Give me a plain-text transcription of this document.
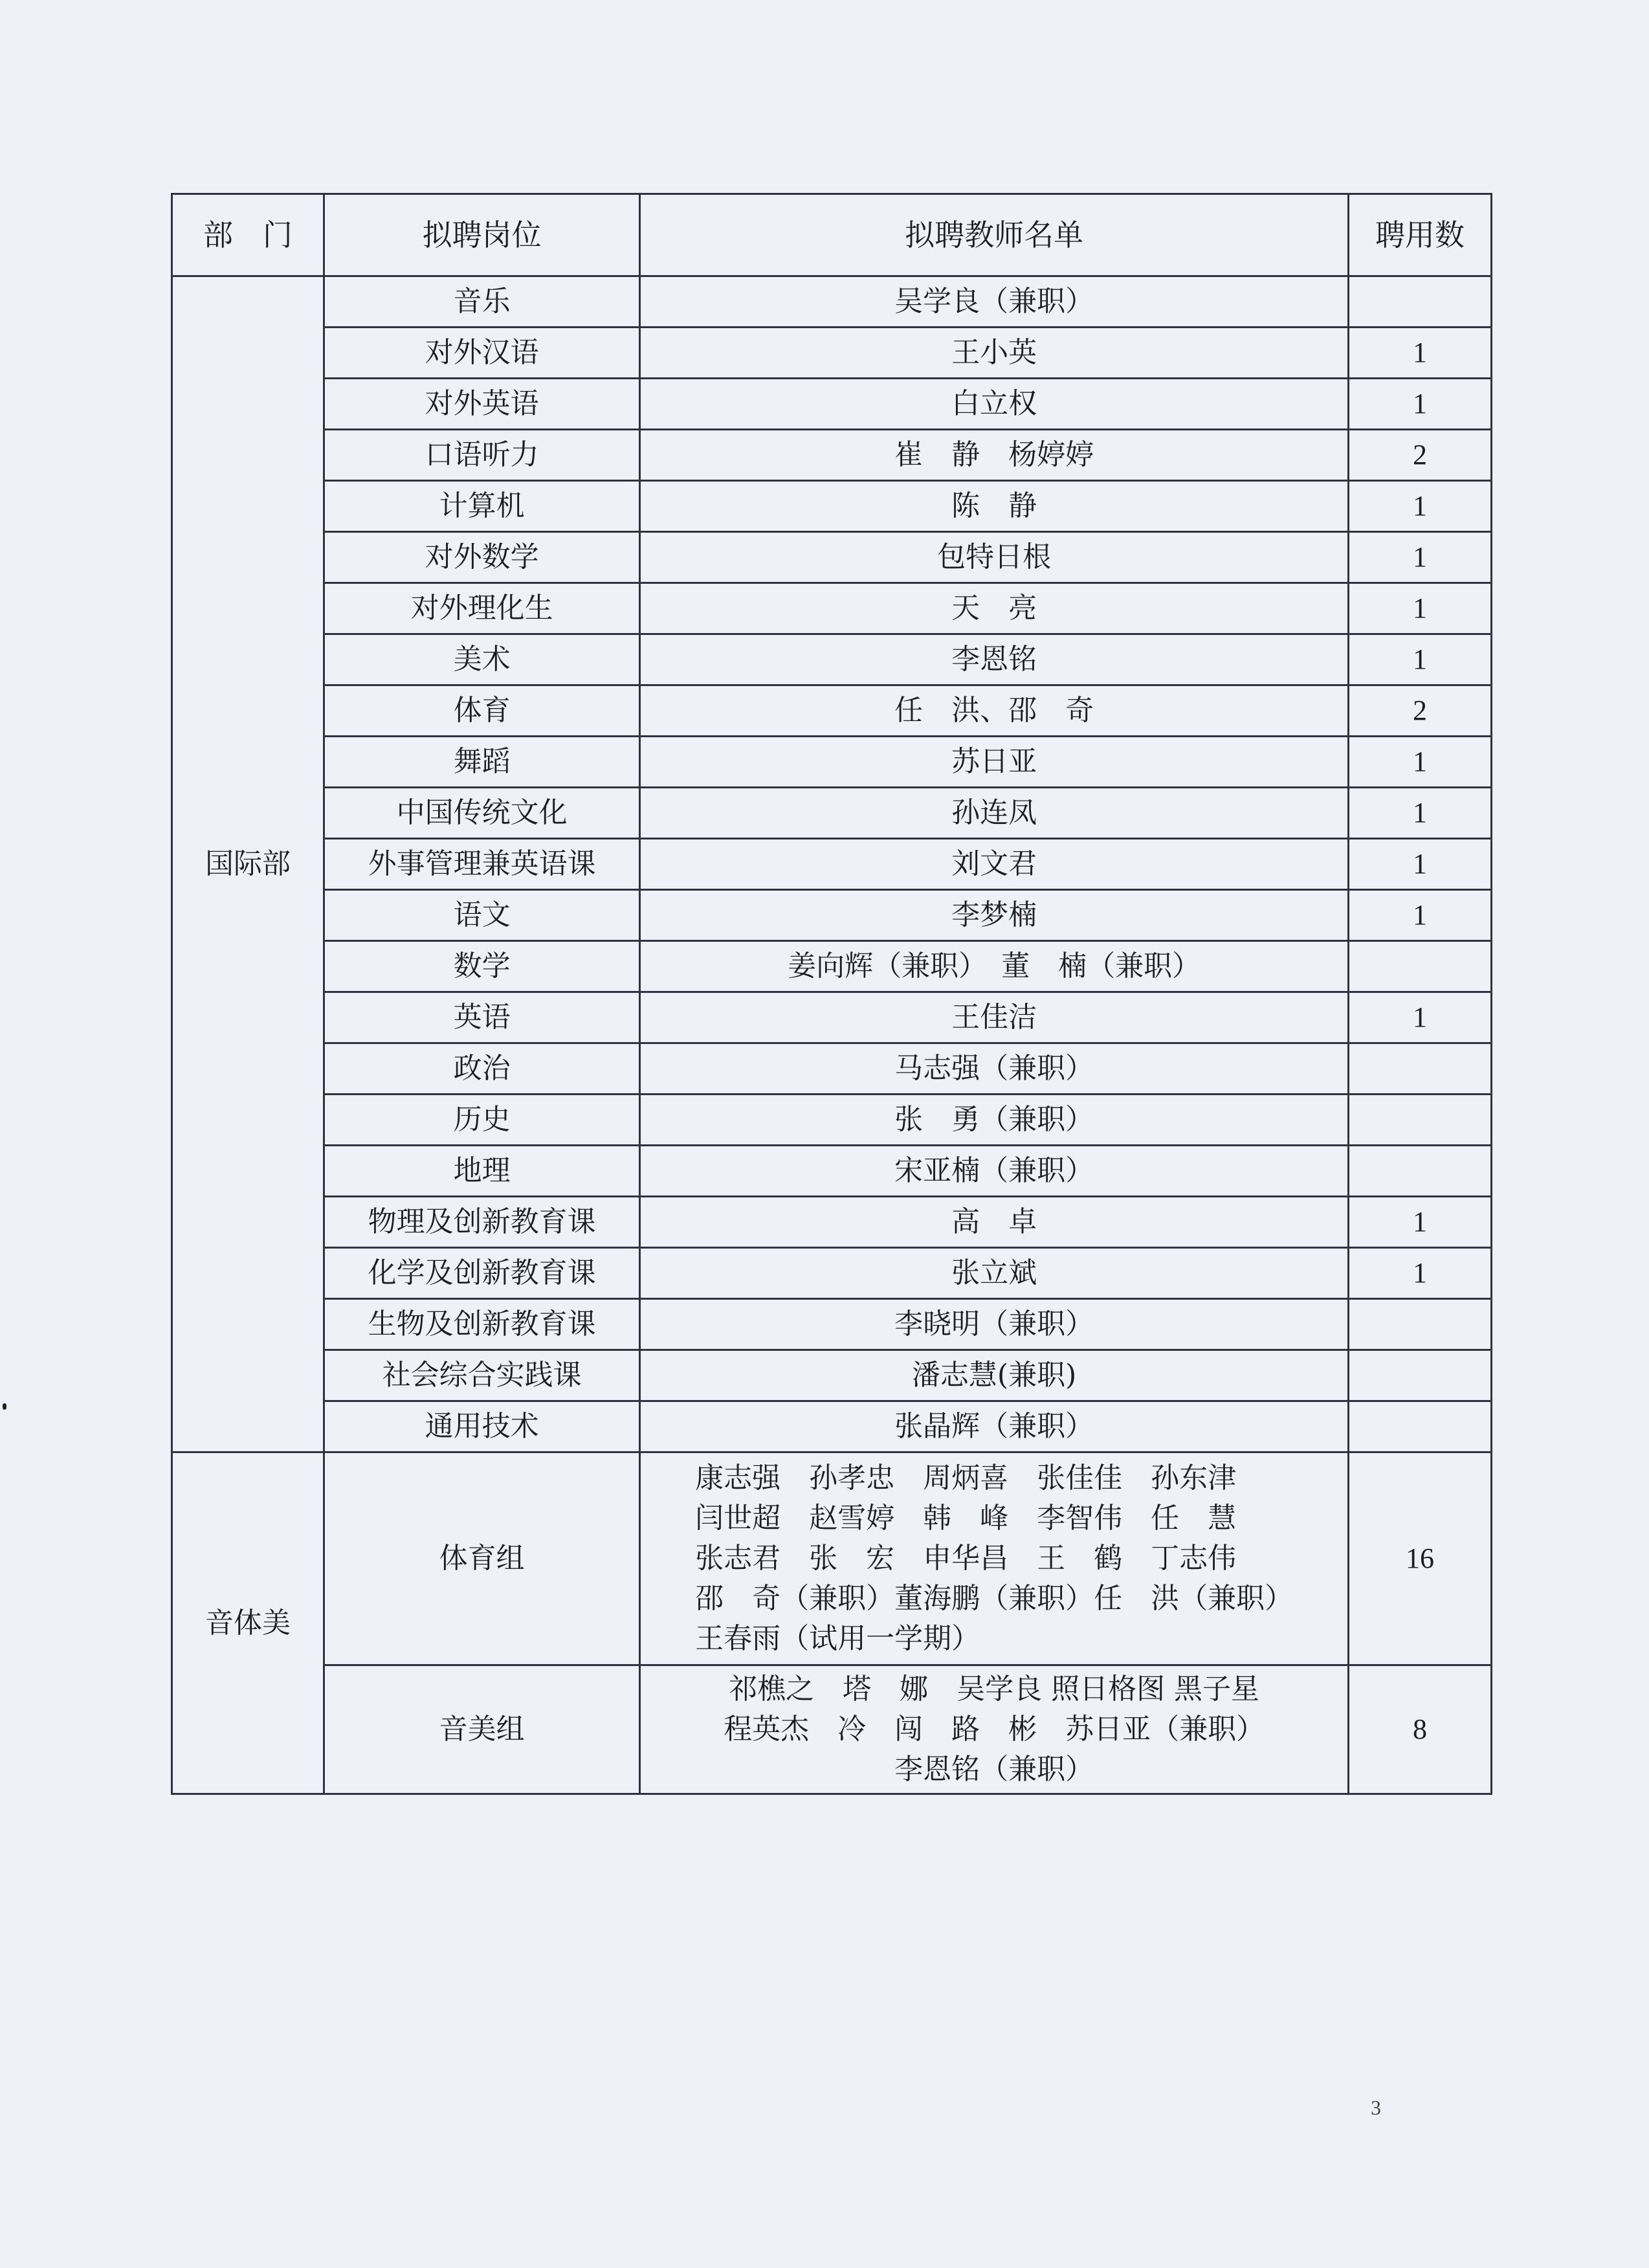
部　门	拟聘岗位	拟聘教师名单	聘用数
国际部	音乐	吴学良（兼职）	
	对外汉语	王小英	1
	对外英语	白立权	1
	口语听力	崔　静　杨婷婷	2
	计算机	陈　静	1
	对外数学	包特日根	1
	对外理化生	天　亮	1
	美术	李恩铭	1
	体育	任　洪、邵　奇	2
	舞蹈	苏日亚	1
	中国传统文化	孙连凤	1
	外事管理兼英语课	刘文君	1
	语文	李梦楠	1
	数学	姜向辉（兼职）　董　楠（兼职）	
	英语	王佳洁	1
	政治	马志强（兼职）	
	历史	张　勇（兼职）	
	地理	宋亚楠（兼职）	
	物理及创新教育课	高　卓	1
	化学及创新教育课	张立斌	1
	生物及创新教育课	李晓明（兼职）	
	社会综合实践课	潘志慧(兼职)	
	通用技术	张晶辉（兼职）	
音体美	体育组	康志强　孙孝忠　周炳喜　张佳佳　孙东津
闫世超　赵雪婷　韩　峰　李智伟　任　慧
张志君　张　宏　申华昌　王　鹤　丁志伟
邵　奇（兼职）董海鹏（兼职）任　洪（兼职）
王春雨（试用一学期）	16
	音美组	祁樵之　塔　娜　吴学良 照日格图 黑子星
程英杰　冷　闯　路　彬　苏日亚（兼职）
李恩铭（兼职）	8
3
